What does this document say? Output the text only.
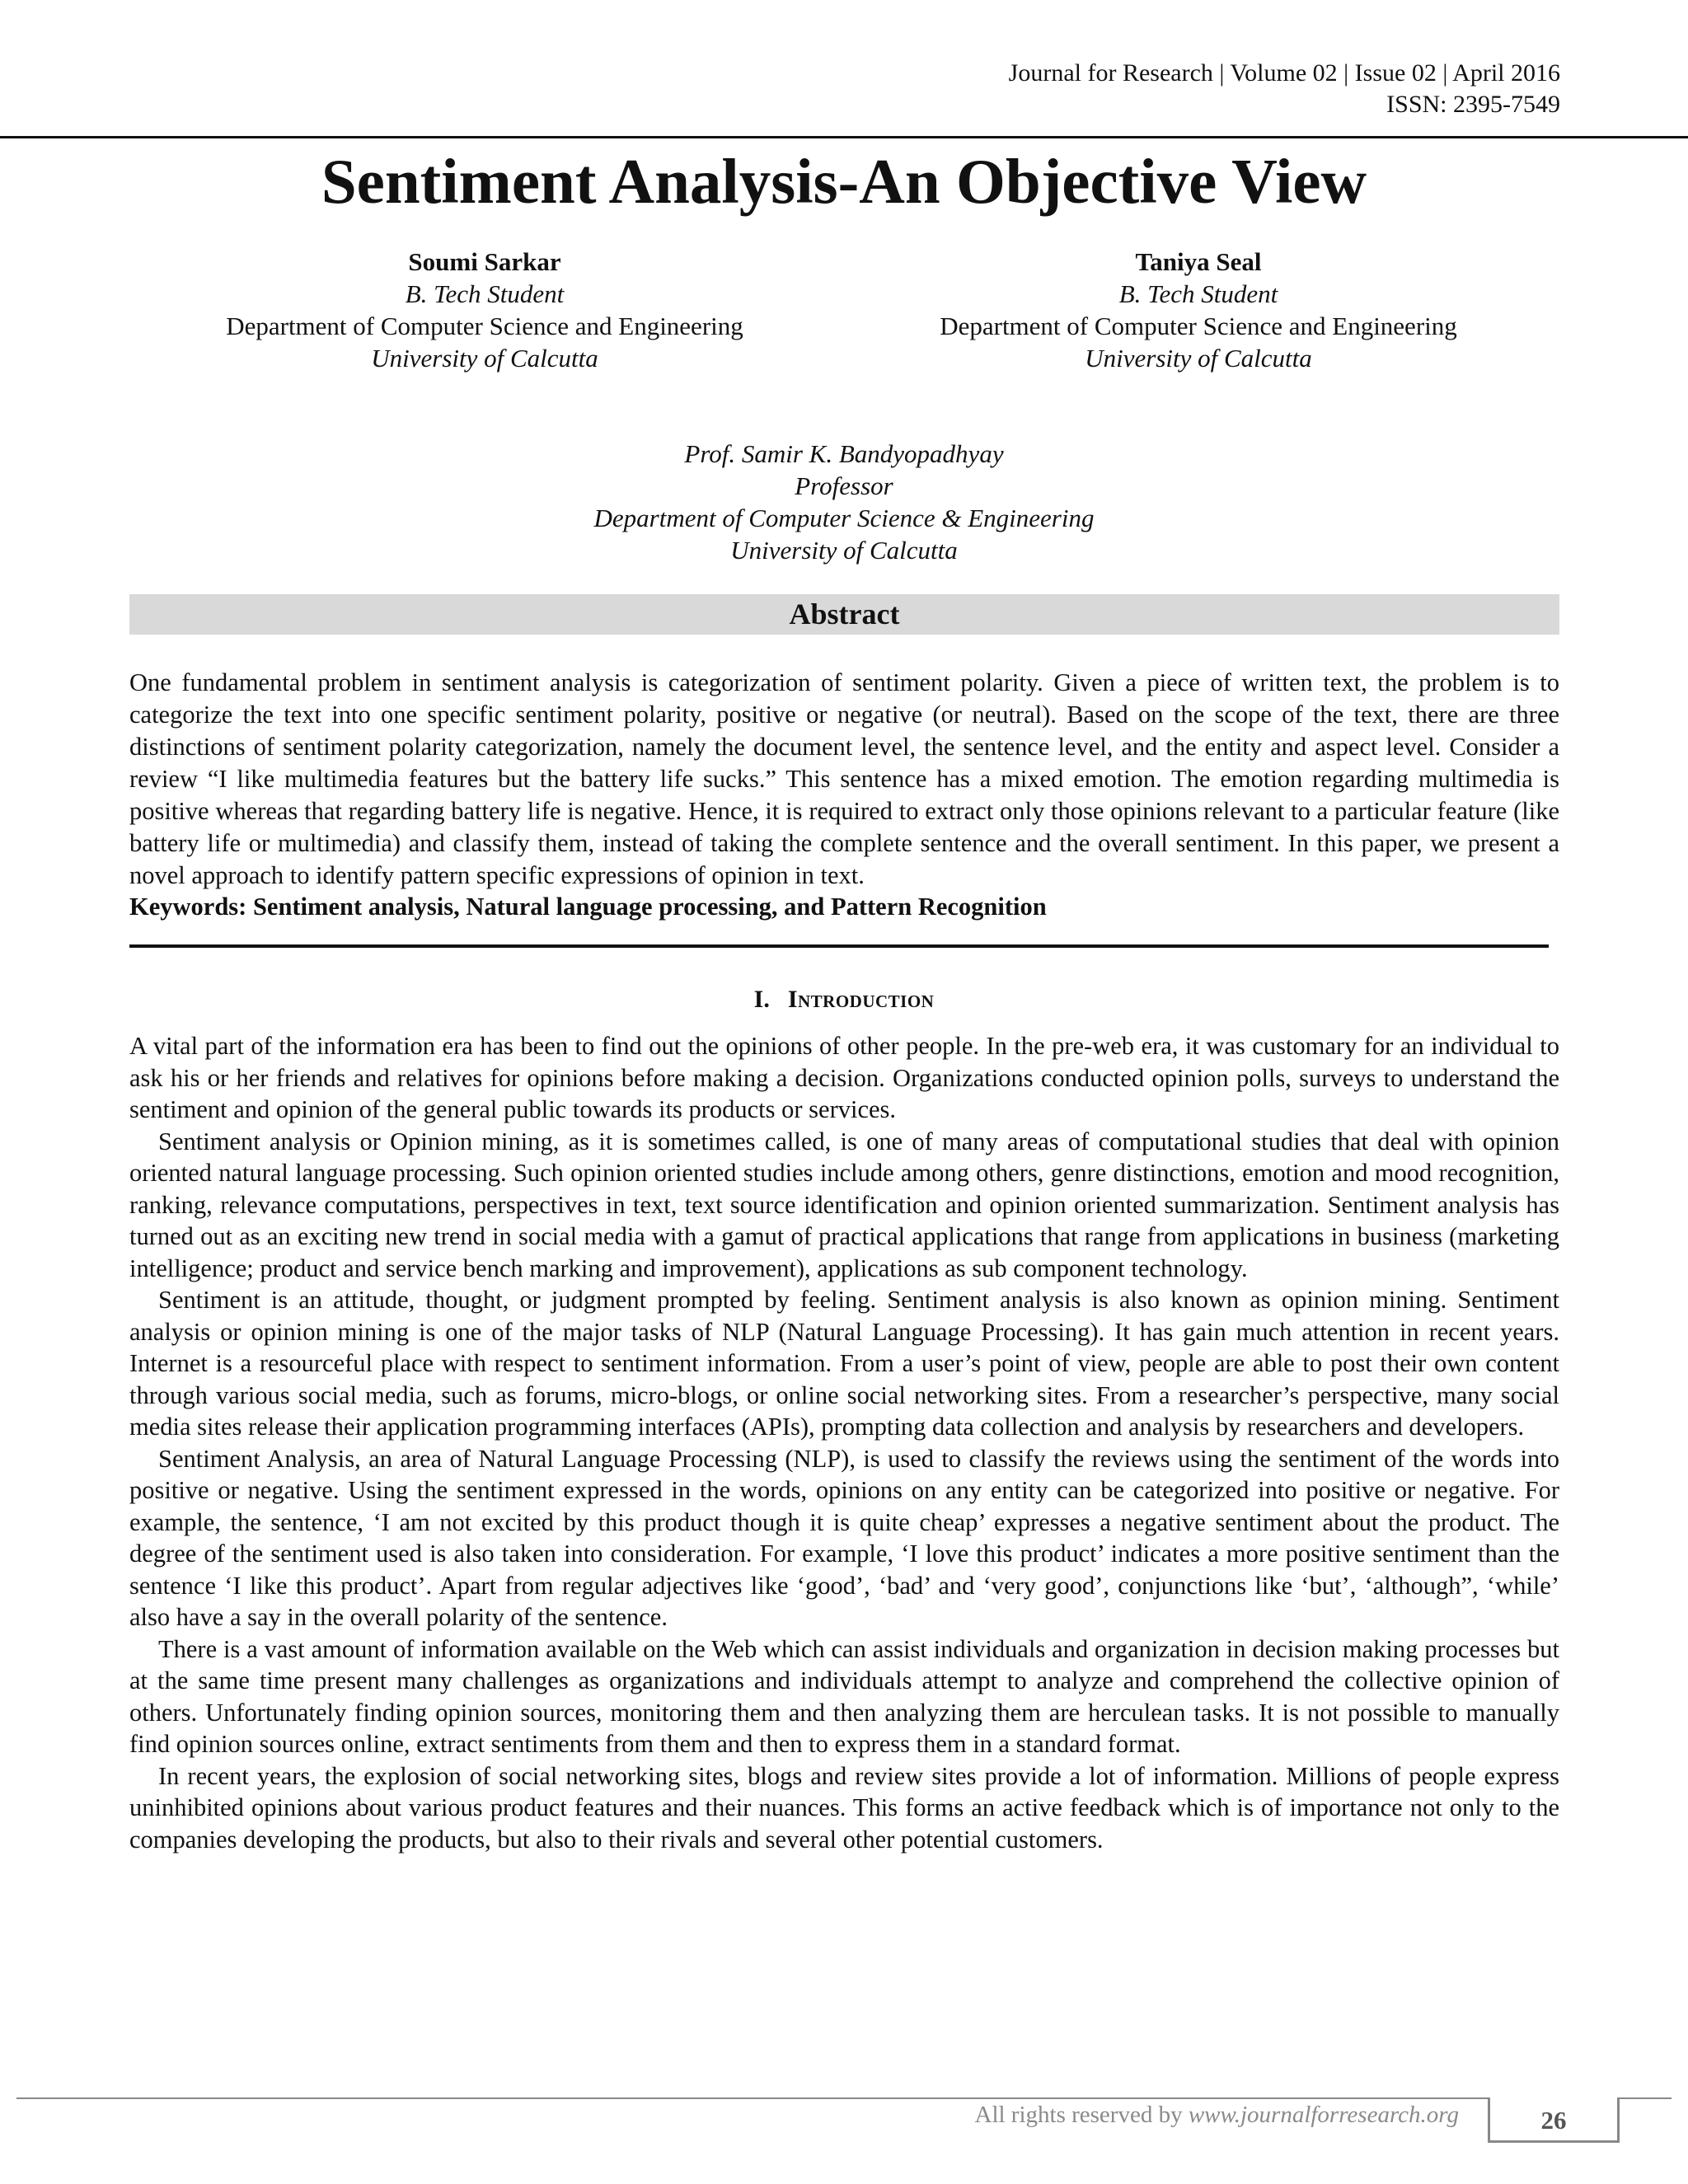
Journal for Research | Volume 02 | Issue 02 | April 2016
ISSN: 2395-7549
Sentiment Analysis-An Objective View
Soumi Sarkar
B. Tech Student
Department of Computer Science and Engineering
University of Calcutta
Taniya Seal
B. Tech Student
Department of Computer Science and Engineering
University of Calcutta
Prof. Samir K. Bandyopadhyay
Professor
Department of Computer Science & Engineering
University of Calcutta
Abstract

One fundamental problem in sentiment analysis is categorization of sentiment polarity. Given a piece of written text, the problem is to categorize the text into one specific sentiment polarity, positive or negative (or neutral). Based on the scope of the text, there are three distinctions of sentiment polarity categorization, namely the document level, the sentence level, and the entity and aspect level. Consider a review “I like multimedia features but the battery life sucks.” This sentence has a mixed emotion. The emotion regarding multimedia is positive whereas that regarding battery life is negative. Hence, it is required to extract only those opinions relevant to a particular feature (like battery life or multimedia) and classify them, instead of taking the complete sentence and the overall sentiment. In this paper, we present a novel approach to identify pattern specific expressions of opinion in text.

Keywords: Sentiment analysis, Natural language processing, and Pattern Recognition

I. Introduction

A vital part of the information era has been to find out the opinions of other people. In the pre-web era, it was customary for an individual to ask his or her friends and relatives for opinions before making a decision. Organizations conducted opinion polls, surveys to understand the sentiment and opinion of the general public towards its products or services.

Sentiment analysis or Opinion mining, as it is sometimes called, is one of many areas of computational studies that deal with opinion oriented natural language processing. Such opinion oriented studies include among others, genre distinctions, emotion and mood recognition, ranking, relevance computations, perspectives in text, text source identification and opinion oriented summarization. Sentiment analysis has turned out as an exciting new trend in social media with a gamut of practical applications that range from applications in business (marketing intelligence; product and service bench marking and improvement), applications as sub component technology.

Sentiment is an attitude, thought, or judgment prompted by feeling. Sentiment analysis is also known as opinion mining. Sentiment analysis or opinion mining is one of the major tasks of NLP (Natural Language Processing). It has gain much attention in recent years. Internet is a resourceful place with respect to sentiment information. From a user’s point of view, people are able to post their own content through various social media, such as forums, micro-blogs, or online social networking sites. From a researcher’s perspective, many social media sites release their application programming interfaces (APIs), prompting data collection and analysis by researchers and developers.

Sentiment Analysis, an area of Natural Language Processing (NLP), is used to classify the reviews using the sentiment of the words into positive or negative. Using the sentiment expressed in the words, opinions on any entity can be categorized into positive or negative. For example, the sentence, ‘I am not excited by this product though it is quite cheap’ expresses a negative sentiment about the product. The degree of the sentiment used is also taken into consideration. For example, ‘I love this product’ indicates a more positive sentiment than the sentence ‘I like this product’. Apart from regular adjectives like ‘good’, ‘bad’ and ‘very good’, conjunctions like ‘but’, ‘although”, ‘while’ also have a say in the overall polarity of the sentence.

There is a vast amount of information available on the Web which can assist individuals and organization in decision making processes but at the same time present many challenges as organizations and individuals attempt to analyze and comprehend the collective opinion of others. Unfortunately finding opinion sources, monitoring them and then analyzing them are herculean tasks. It is not possible to manually find opinion sources online, extract sentiments from them and then to express them in a standard format.

In recent years, the explosion of social networking sites, blogs and review sites provide a lot of information. Millions of people express uninhibited opinions about various product features and their nuances. This forms an active feedback which is of importance not only to the companies developing the products, but also to their rivals and several other potential customers.

All rights reserved by www.journalforresearch.org	26
